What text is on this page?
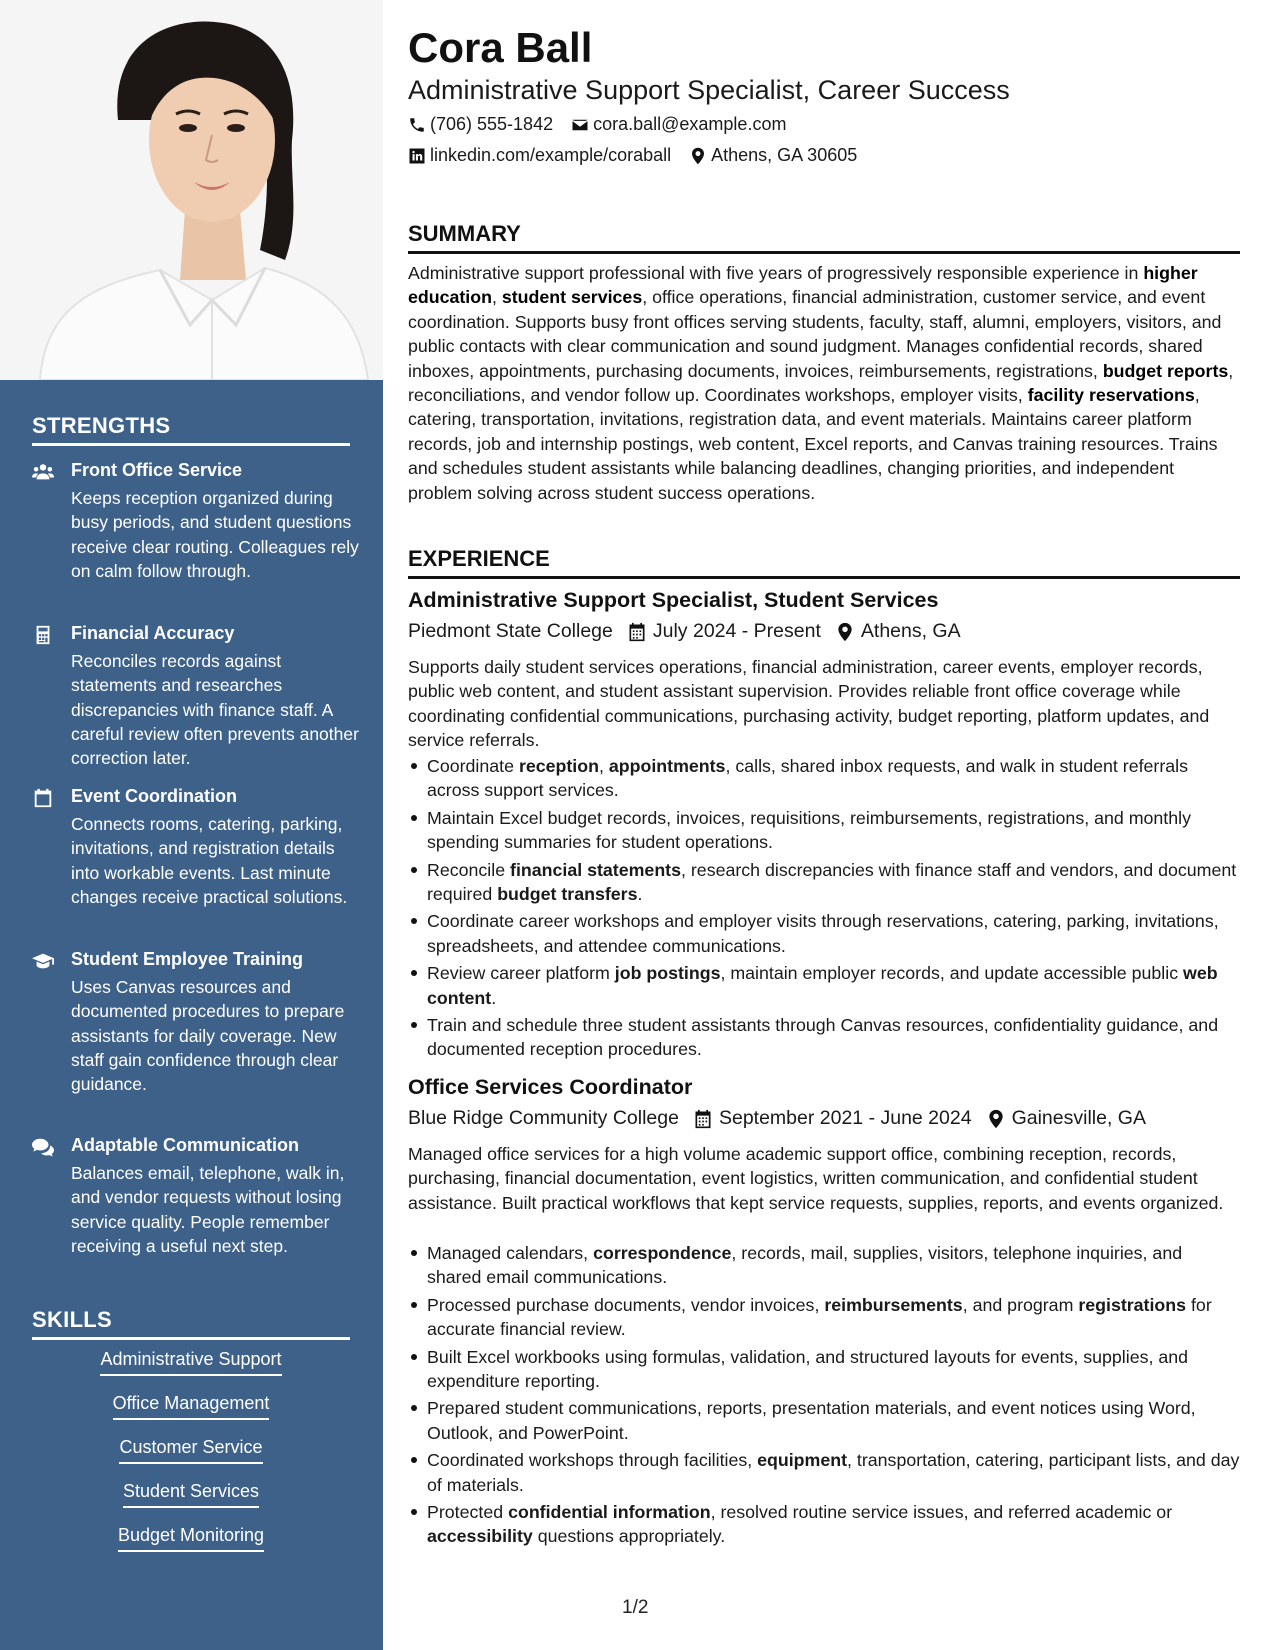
STRENGTHS
Front Office Service
Keeps reception organized during busy periods, and student questions receive clear routing. Colleagues rely on calm follow through.
Financial Accuracy
Reconciles records against statements and researches discrepancies with finance staff. A careful review often prevents another correction later.
Event Coordination
Connects rooms, catering, parking, invitations, and registration details into workable events. Last minute changes receive practical solutions.
Student Employee Training
Uses Canvas resources and documented procedures to prepare assistants for daily coverage. New staff gain confidence through clear guidance.
Adaptable Communication
Balances email, telephone, walk in, and vendor requests without losing service quality. People remember receiving a useful next step.
SKILLS
Administrative Support
Office Management
Customer Service
Student Services
Budget Monitoring
Cora Ball
Administrative Support Specialist, Career Success
(706) 555-1842 cora.ball@example.com
linkedin.com/example/coraball Athens, GA 30605
SUMMARY
Administrative support professional with five years of progressively responsible experience in higher education, student services, office operations, financial administration, customer service, and event coordination. Supports busy front offices serving students, faculty, staff, alumni, employers, visitors, and public contacts with clear communication and sound judgment. Manages confidential records, shared inboxes, appointments, purchasing documents, invoices, reimbursements, registrations, budget reports, reconciliations, and vendor follow up. Coordinates workshops, employer visits, facility reservations, catering, transportation, invitations, registration data, and event materials. Maintains career platform records, job and internship postings, web content, Excel reports, and Canvas training resources. Trains and schedules student assistants while balancing deadlines, changing priorities, and independent problem solving across student success operations.
EXPERIENCE
Administrative Support Specialist, Student Services
Piedmont State College July 2024 - Present Athens, GA
Supports daily student services operations, financial administration, career events, employer records, public web content, and student assistant supervision. Provides reliable front office coverage while coordinating confidential communications, purchasing activity, budget reporting, platform updates, and service referrals.
Coordinate reception, appointments, calls, shared inbox requests, and walk in student referrals across support services.
Maintain Excel budget records, invoices, requisitions, reimbursements, registrations, and monthly spending summaries for student operations.
Reconcile financial statements, research discrepancies with finance staff and vendors, and document required budget transfers.
Coordinate career workshops and employer visits through reservations, catering, parking, invitations, spreadsheets, and attendee communications.
Review career platform job postings, maintain employer records, and update accessible public web content.
Train and schedule three student assistants through Canvas resources, confidentiality guidance, and documented reception procedures.
Office Services Coordinator
Blue Ridge Community College September 2021 - June 2024 Gainesville, GA
Managed office services for a high volume academic support office, combining reception, records, purchasing, financial documentation, event logistics, written communication, and confidential student assistance. Built practical workflows that kept service requests, supplies, reports, and events organized.
Managed calendars, correspondence, records, mail, supplies, visitors, telephone inquiries, and shared email communications.
Processed purchase documents, vendor invoices, reimbursements, and program registrations for accurate financial review.
Built Excel workbooks using formulas, validation, and structured layouts for events, supplies, and expenditure reporting.
Prepared student communications, reports, presentation materials, and event notices using Word, Outlook, and PowerPoint.
Coordinated workshops through facilities, equipment, transportation, catering, participant lists, and day of materials.
Protected confidential information, resolved routine service issues, and referred academic or accessibility questions appropriately.
1/2
